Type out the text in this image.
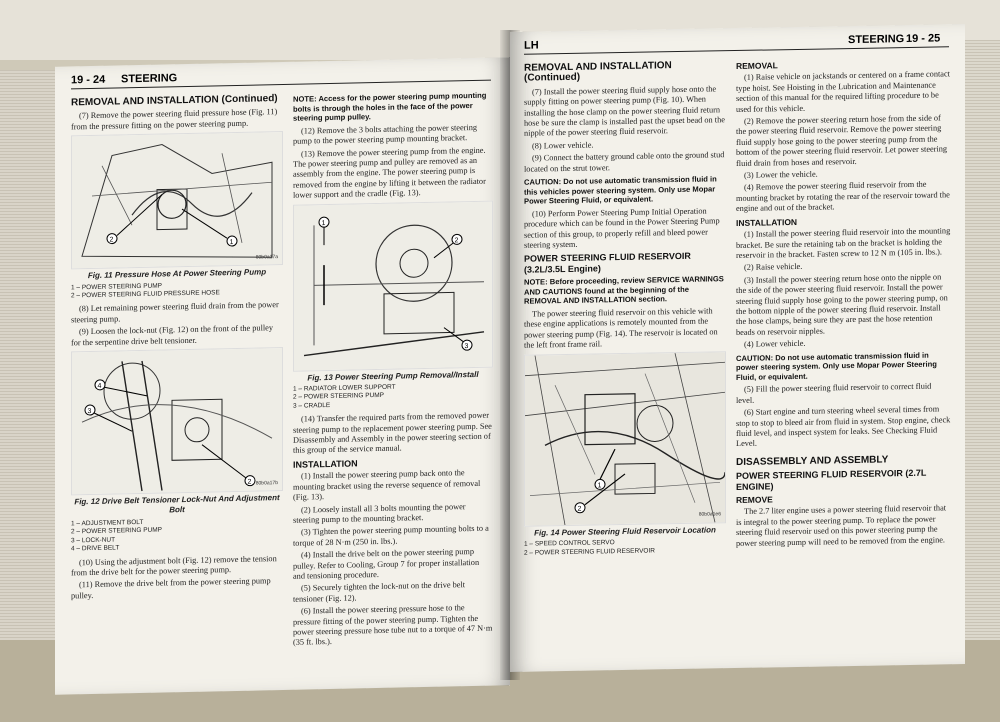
19 - 24 STEERING
REMOVAL AND INSTALLATION (Continued)

(7) Remove the power steering fluid pressure hose (Fig. 11) from the pressure fitting on the power steering pump.

1
2
80b0a17a
Fig. 11 Pressure Hose At Power Steering Pump
1 – POWER STEERING PUMP
2 – POWER STEERING FLUID PRESSURE HOSE

(8) Let remaining power steering fluid drain from the power steering pump.

(9) Loosen the lock-nut (Fig. 12) on the front of the pulley for the serpentine drive belt tensioner.

4
3
2 80b0a17b
Fig. 12 Drive Belt Tensioner Lock-Nut And Adjustment Bolt
1 – ADJUSTMENT BOLT
2 – POWER STEERING PUMP
3 – LOCK-NUT
4 – DRIVE BELT

(10) Using the adjustment bolt (Fig. 12) remove the tension from the drive belt for the power steering pump.

(11) Remove the drive belt from the power steering pump pulley.

NOTE: Access for the power steering pump mounting bolts is through the holes in the face of the power steering pump pulley.

(12) Remove the 3 bolts attaching the power steering pump to the power steering pump mounting bracket.

(13) Remove the power steering pump from the engine. The power steering pump and pulley are removed as an assembly from the engine. The power steering pump is removed from the engine by lifting it between the radiator lower support and the cradle (Fig. 13).

1
2
3
Fig. 13 Power Steering Pump Removal/Install
1 – RADIATOR LOWER SUPPORT
2 – POWER STEERING PUMP
3 – CRADLE

(14) Transfer the required parts from the removed power steering pump to the replacement power steering pump. See Disassembly and Assembly in the power steering section of this group of the service manual.

INSTALLATION

(1) Install the power steering pump back onto the mounting bracket using the reverse sequence of removal (Fig. 13).

(2) Loosely install all 3 bolts mounting the power steering pump to the mounting bracket.

(3) Tighten the power steering pump mounting bolts to a torque of 28 N·m (250 in. lbs.).

(4) Install the drive belt on the power steering pump pulley. Refer to Cooling, Group 7 for proper installation and tensioning procedure.

(5) Securely tighten the lock-nut on the drive belt tensioner (Fig. 12).

(6) Install the power steering pressure hose to the pressure fitting of the power steering pump. Tighten the power steering pressure hose tube nut to a torque of 47 N·m (35 ft. lbs.).

LH	STEERING 19 - 25
REMOVAL AND INSTALLATION (Continued)

(7) Install the power steering fluid supply hose onto the supply fitting on power steering pump (Fig. 10). When installing the hose clamp on the power steering fluid return hose be sure the clamp is installed past the upset bead on the nipple of the power steering fluid reservoir.

(8) Lower vehicle.

(9) Connect the battery ground cable onto the ground stud located on the strut tower.

CAUTION: Do not use automatic transmission fluid in this vehicles power steering system. Only use Mopar Power Steering Fluid, or equivalent.

(10) Perform Power Steering Pump Initial Operation procedure which can be found in the Power Steering Pump section of this group, to properly refill and bleed power steering system.

POWER STEERING FLUID RESERVOIR (3.2L/3.5L Engine)
NOTE: Before proceeding, review SERVICE WARNINGS AND CAUTIONS found at the beginning of the REMOVAL AND INSTALLATION section.

The power steering fluid reservoir on this vehicle with these engine applications is remotely mounted from the power steering pump (Fig. 14). The reservoir is located on the left front frame rail.

1
2
80b0a1e6
Fig. 14 Power Steering Fluid Reservoir Location
1 – SPEED CONTROL SERVO
2 – POWER STEERING FLUID RESERVOIR
REMOVAL

(1) Raise vehicle on jackstands or centered on a frame contact type hoist. See Hoisting in the Lubrication and Maintenance section of this manual for the required lifting procedure to be used for this vehicle.

(2) Remove the power steering return hose from the side of the power steering fluid reservoir. Remove the power steering fluid supply hose going to the power steering pump from the bottom of the power steering fluid reservoir. Let power steering fluid drain from hoses and reservoir.

(3) Lower the vehicle.

(4) Remove the power steering fluid reservoir from the mounting bracket by rotating the rear of the reservoir toward the engine and out of the bracket.

INSTALLATION

(1) Install the power steering fluid reservoir into the mounting bracket. Be sure the retaining tab on the bracket is holding the reservoir in the bracket. Fasten screw to 12 N m (105 in. lbs.).

(2) Raise vehicle.

(3) Install the power steering return hose onto the nipple on the side of the power steering fluid reservoir. Install the power steering fluid supply hose going to the power steering pump, on the bottom nipple of the power steering fluid reservoir. Install the hose clamps, being sure they are past the hose retention beads on reservoir nipples.

(4) Lower vehicle.

CAUTION: Do not use automatic transmission fluid in power steering system. Only use Mopar Power Steering Fluid, or equivalent.

(5) Fill the power steering fluid reservoir to correct fluid level.

(6) Start engine and turn steering wheel several times from stop to stop to bleed air from fluid in system. Stop engine, check fluid level, and inspect system for leaks. See Checking Fluid Level.

DISASSEMBLY AND ASSEMBLY
POWER STEERING FLUID RESERVOIR (2.7L ENGINE)
REMOVE

The 2.7 liter engine uses a power steering fluid reservoir that is integral to the power steering pump. To replace the power steering fluid reservoir used on this power steering pump the power steering pump will need to be removed from the engine.
